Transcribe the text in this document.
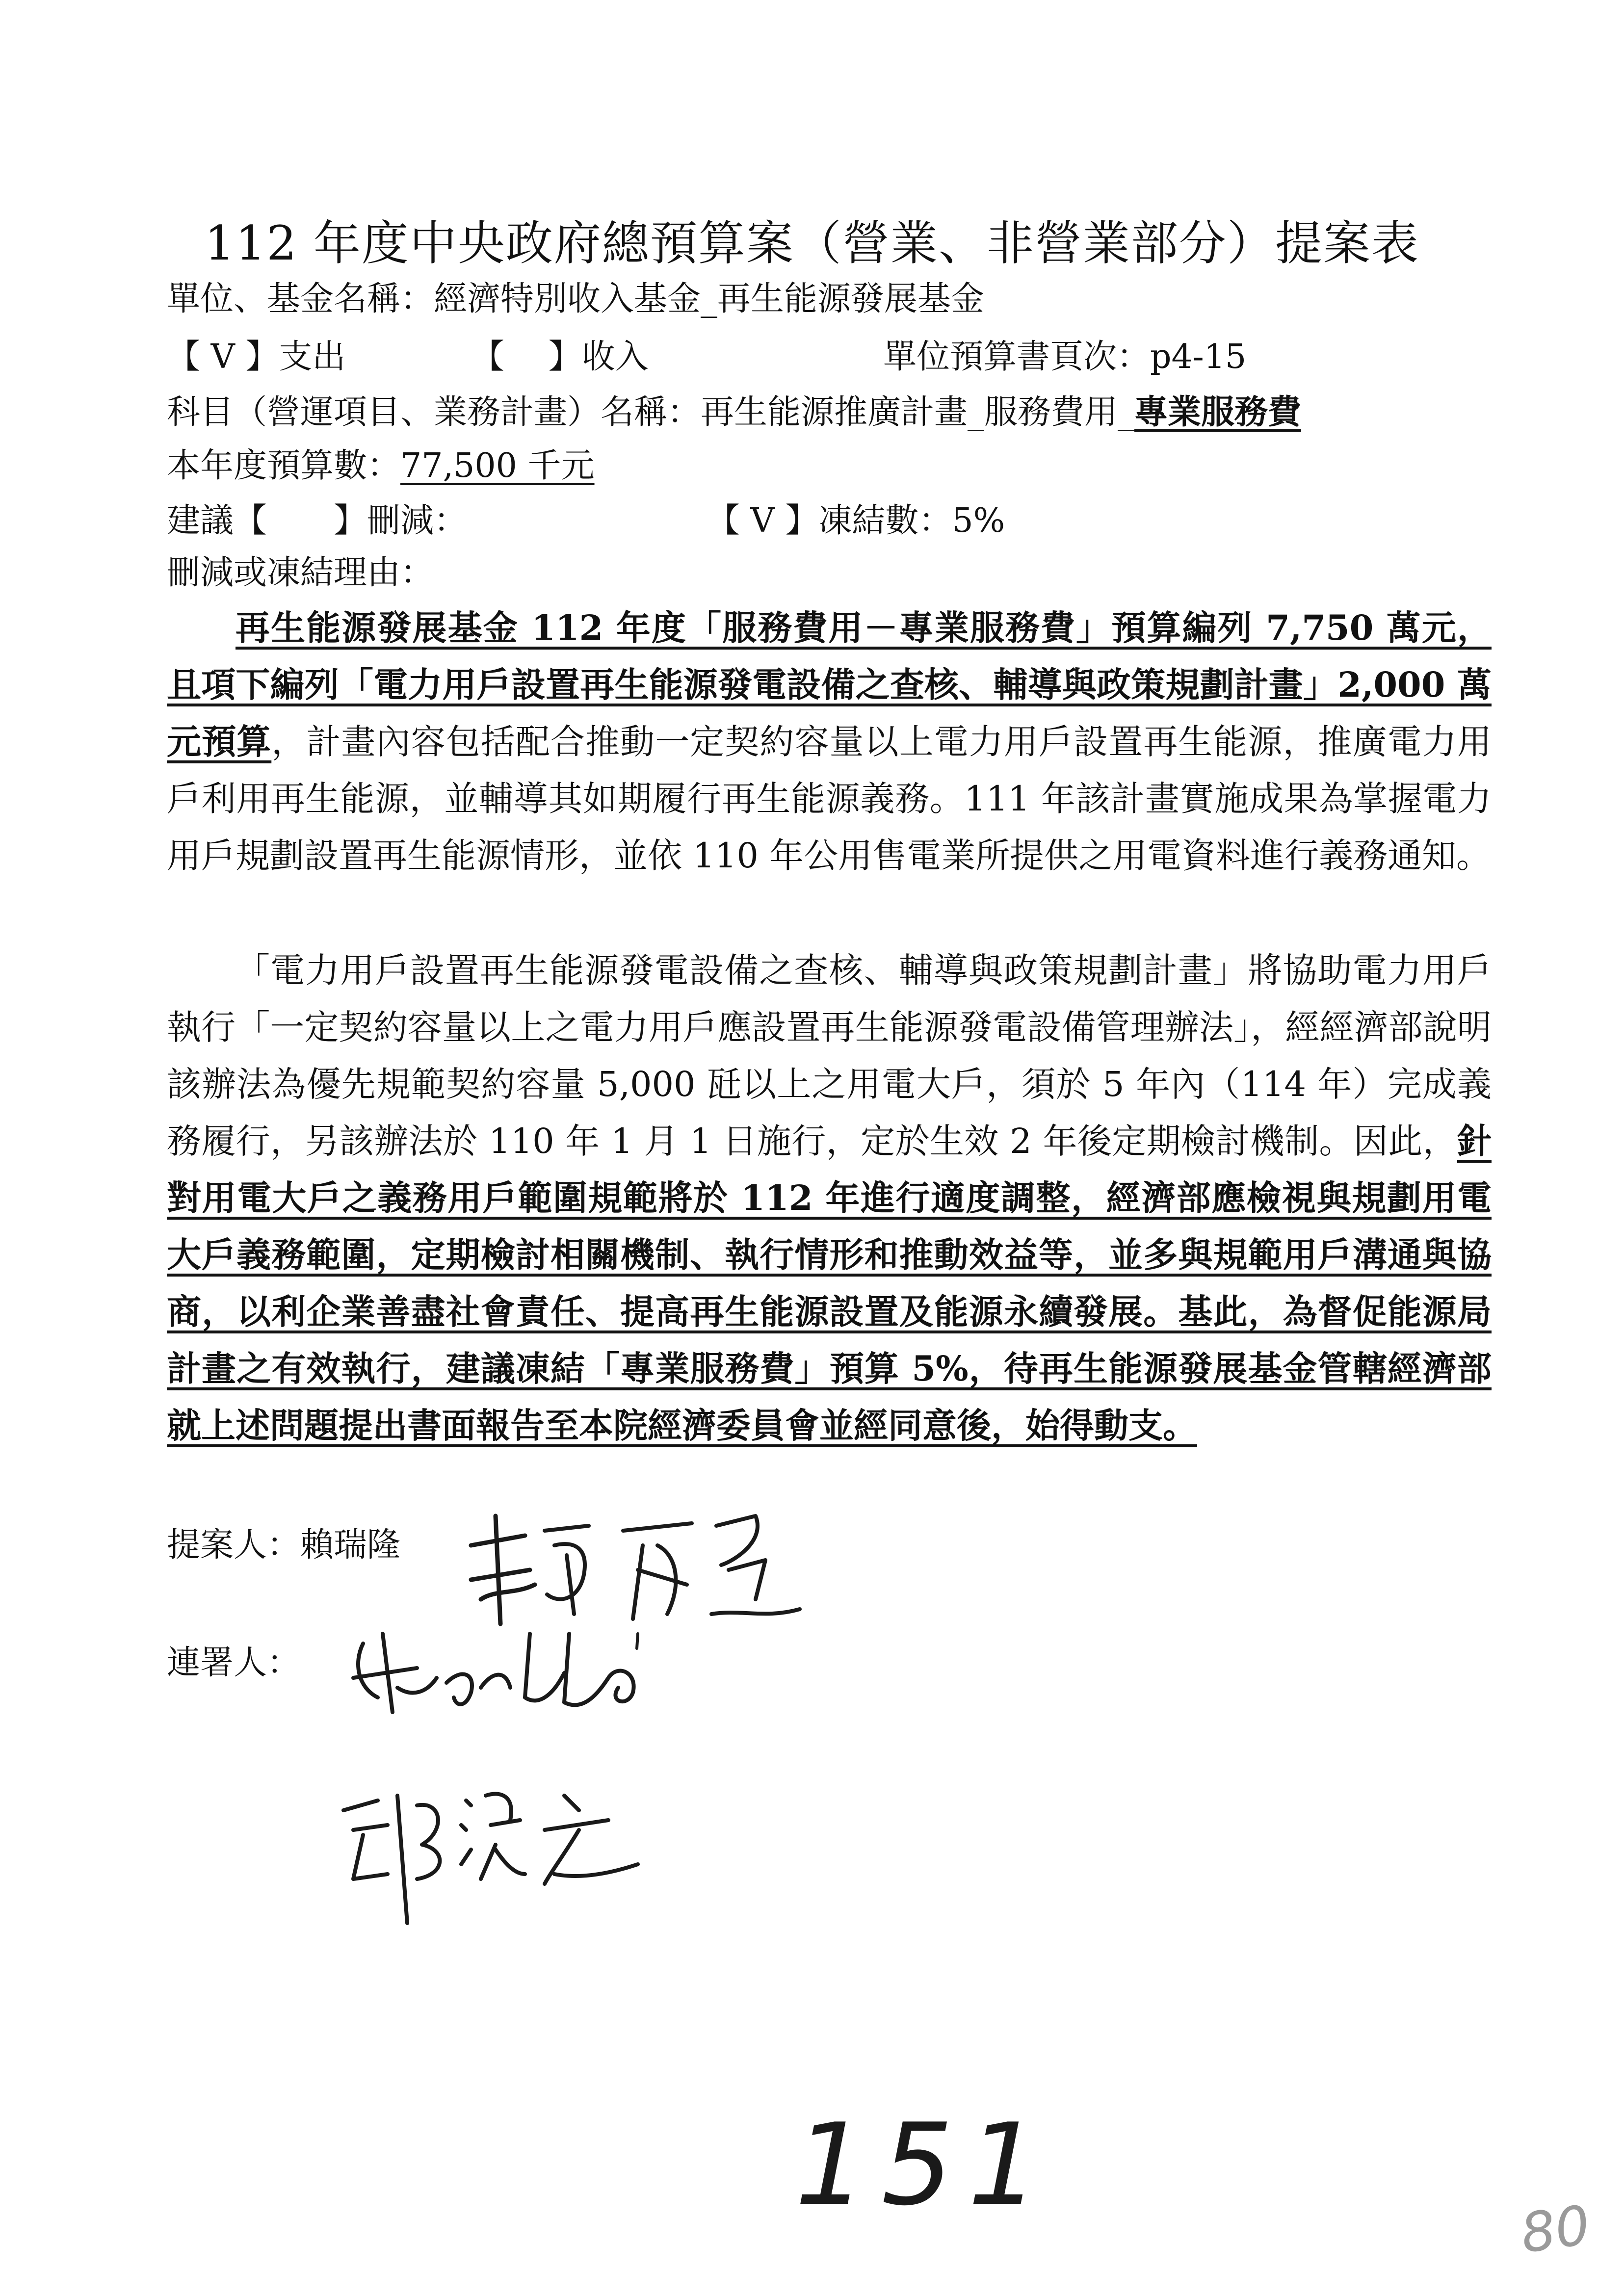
112 年度中央政府總預算案（營業、非營業部分）提案表
單位、基金名稱：經濟特別收入基金_再生能源發展基金
【 V 】支出	【　 】收入	單位預算書頁次：p4-15
科目（營運項目、業務計畫）名稱：再生能源推廣計畫_服務費用_專業服務費
本年度預算數：77,500 千元
建議【　　】刪減：	【 V 】凍結數：5%
刪減或凍結理由：
再生能源發展基金 112 年度「服務費用－專業服務費」預算編列 7,750 萬元，且項下編列「電力用戶設置再生能源發電設備之查核、輔導與政策規劃計畫」2,000 萬元預算，計畫內容包括配合推動一定契約容量以上電力用戶設置再生能源，推廣電力用戶利用再生能源，並輔導其如期履行再生能源義務。111 年該計畫實施成果為掌握電力用戶規劃設置再生能源情形，並依 110 年公用售電業所提供之用電資料進行義務通知。
「電力用戶設置再生能源發電設備之查核、輔導與政策規劃計畫」將協助電力用戶執行「一定契約容量以上之電力用戶應設置再生能源發電設備管理辦法」，經經濟部說明該辦法為優先規範契約容量 5,000 瓩以上之用電大戶，須於 5 年內（114 年）完成義務履行，另該辦法於 110 年 1 月 1 日施行，定於生效 2 年後定期檢討機制。因此，針對用電大戶之義務用戶範圍規範將於 112 年進行適度調整，經濟部應檢視與規劃用電大戶義務範圍，定期檢討相關機制、執行情形和推動效益等，並多與規範用戶溝通與協商，以利企業善盡社會責任、提高再生能源設置及能源永續發展。基此，為督促能源局計畫之有效執行，建議凍結「專業服務費」預算 5%，待再生能源發展基金管轄經濟部就上述問題提出書面報告至本院經濟委員會並經同意後，始得動支。
提案人：賴瑞隆
連署人：
151	80
